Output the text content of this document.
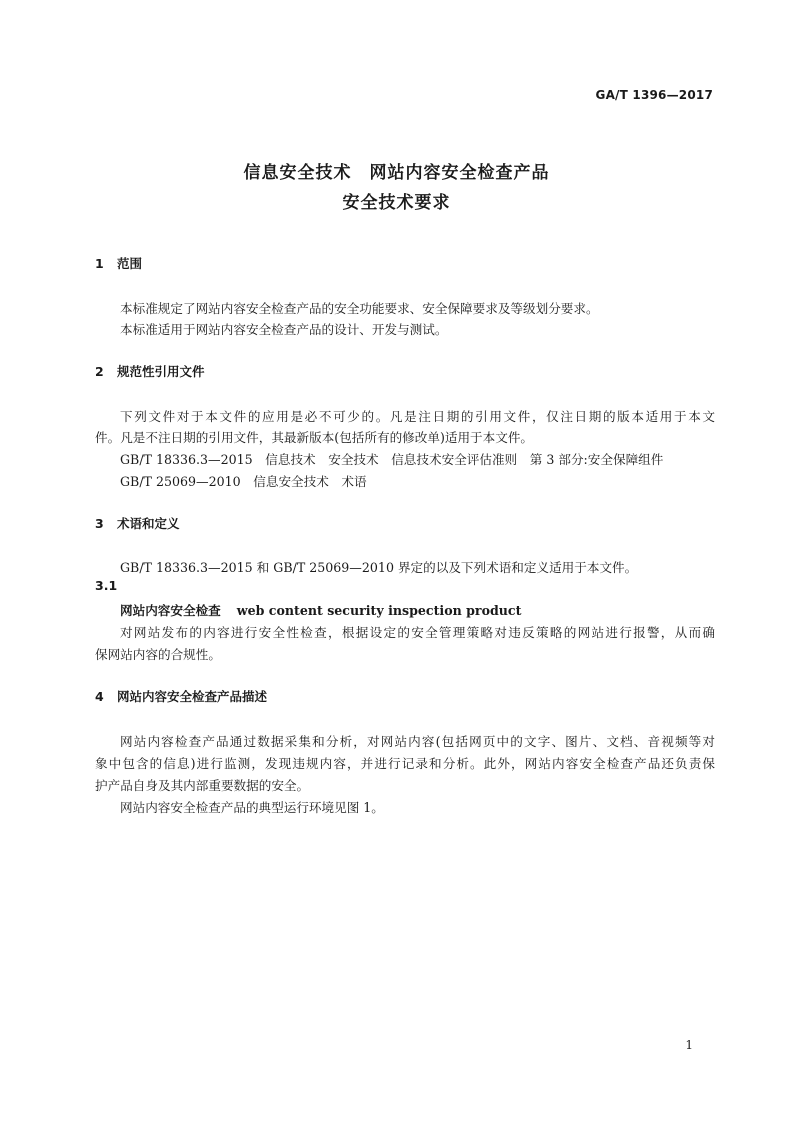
GA/T 1396—2017
信息安全技术　网站内容安全检查产品
安全技术要求
1 范围
本标准规定了网站内容安全检查产品的安全功能要求、安全保障要求及等级划分要求。
本标准适用于网站内容安全检查产品的设计、开发与测试。
2 规范性引用文件
下列文件对于本文件的应用是必不可少的。凡是注日期的引用文件，仅注日期的版本适用于本文
件。凡是不注日期的引用文件，其最新版本(包括所有的修改单)适用于本文件。
GB/T 18336.3—2015　信息技术　安全技术　信息技术安全评估准则　第 3 部分:安全保障组件
GB/T 25069—2010　信息安全技术　术语
3 术语和定义
GB/T 18336.3—2015 和 GB/T 25069—2010 界定的以及下列术语和定义适用于本文件。
3.1
网站内容安全检查 web content security inspection product
对网站发布的内容进行安全性检查，根据设定的安全管理策略对违反策略的网站进行报警，从而确
保网站内容的合规性。
4 网站内容安全检查产品描述
网站内容检查产品通过数据采集和分析，对网站内容(包括网页中的文字、图片、文档、音视频等对
象中包含的信息)进行监测，发现违规内容，并进行记录和分析。此外，网站内容安全检查产品还负责保
护产品自身及其内部重要数据的安全。
网站内容安全检查产品的典型运行环境见图 1。
1
